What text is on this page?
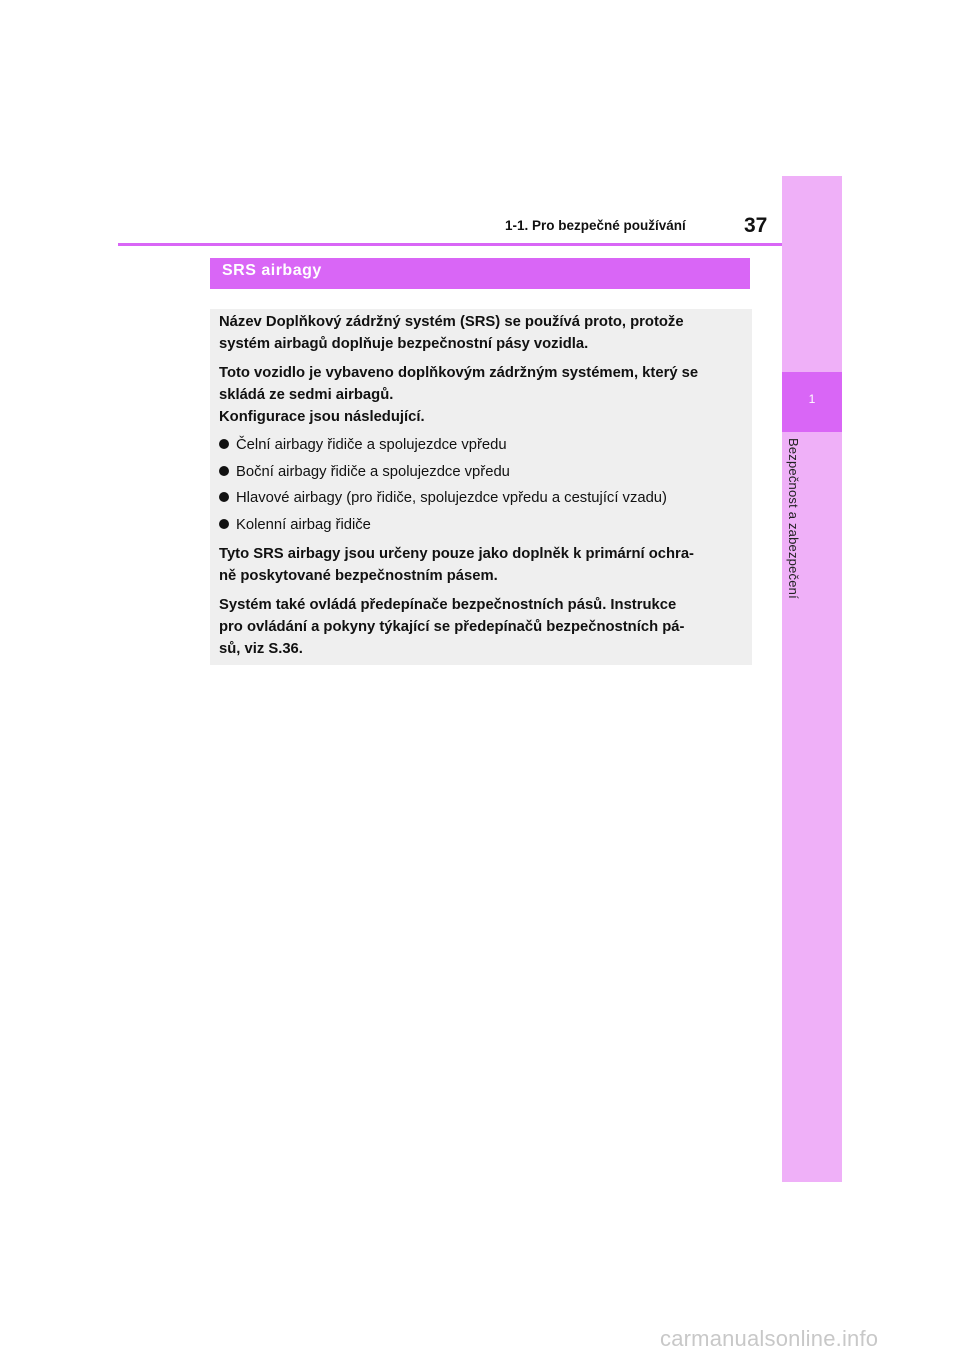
1
Bezpečnost a zabezpečení
1-1. Pro bezpečné používání	37
SRS airbagy

Název Doplňkový zádržný systém (SRS) se používá proto, protože
systém airbagů doplňuje bezpečnostní pásy vozidla.

Toto vozidlo je vybaveno doplňkovým zádržným systémem, který se
skládá ze sedmi airbagů.
Konfigurace jsou následující.

Čelní airbagy řidiče a spolujezdce vpředu
Boční airbagy řidiče a spolujezdce vpředu
Hlavové airbagy (pro řidiče, spolujezdce vpředu a cestující vzadu)
Kolenní airbag řidiče

Tyto SRS airbagy jsou určeny pouze jako doplněk k primární ochra-
ně poskytované bezpečnostním pásem.

Systém také ovládá předepínače bezpečnostních pásů. Instrukce
pro ovládání a pokyny týkající se předepínačů bezpečnostních pá-
sů, viz S.36.

carmanualsonline.info
